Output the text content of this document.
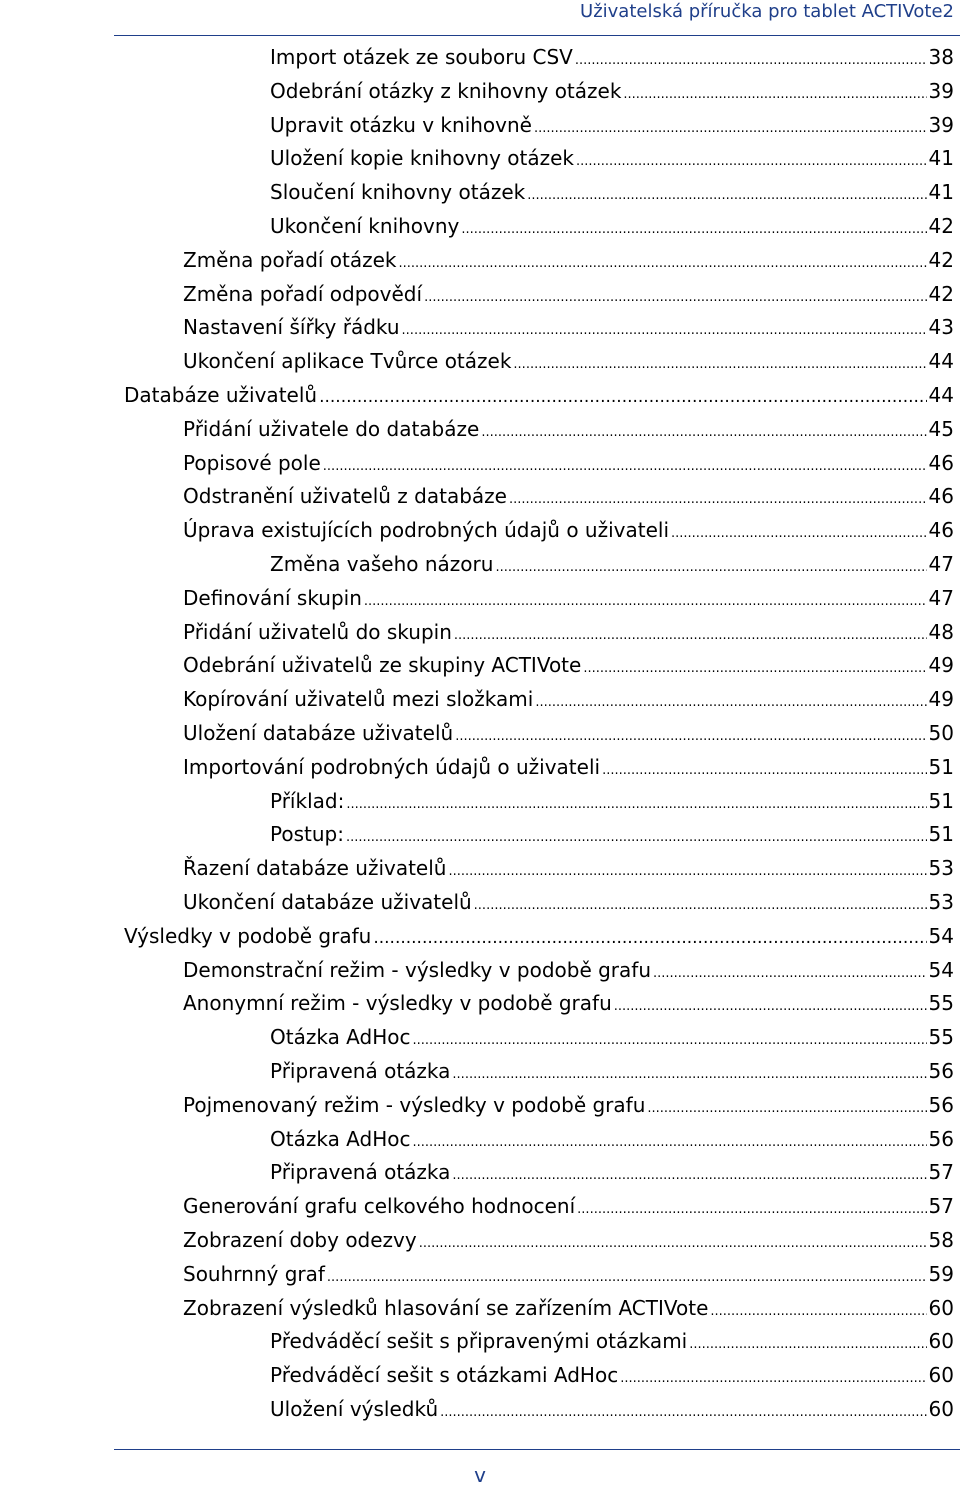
Uživatelská příručka pro tablet ACTIVote2
Import otázek ze souboru CSV .....	38
Odebrání otázky z knihovny otázek .....	39
Upravit otázku v knihovně .....	39
Uložení kopie knihovny otázek .....	41
Sloučení knihovny otázek .....	41
Ukončení knihovny .....	42
Změna pořadí otázek .....	42
Změna pořadí odpovědí .....	42
Nastavení šířky řádku .....	43
Ukončení aplikace Tvůrce otázek .....	44
Databáze uživatelů .....	44
Přidání uživatele do databáze .....	45
Popisové pole .....	46
Odstranění uživatelů z databáze .....	46
Úprava existujících podrobných údajů o uživateli .....	46
Změna vašeho názoru .....	47
Definování skupin .....	47
Přidání uživatelů do skupin .....	48
Odebrání uživatelů ze skupiny ACTIVote .....	49
Kopírování uživatelů mezi složkami .....	49
Uložení databáze uživatelů .....	50
Importování podrobných údajů o uživateli .....	51
Příklad: .....	51
Postup: .....	51
Řazení databáze uživatelů .....	53
Ukončení databáze uživatelů .....	53
Výsledky v podobě grafu .....	54
Demonstrační režim - výsledky v podobě grafu .....	54
Anonymní režim - výsledky v podobě grafu .....	55
Otázka AdHoc .....	55
Připravená otázka .....	56
Pojmenovaný režim - výsledky v podobě grafu .....	56
Otázka AdHoc .....	56
Připravená otázka .....	57
Generování grafu celkového hodnocení .....	57
Zobrazení doby odezvy .....	58
Souhrnný graf .....	59
Zobrazení výsledků hlasování se zařízením ACTIVote .....	60
Předváděcí sešit s připravenými otázkami .....	60
Předváděcí sešit s otázkami AdHoc .....	60
Uložení výsledků .....	60
v
